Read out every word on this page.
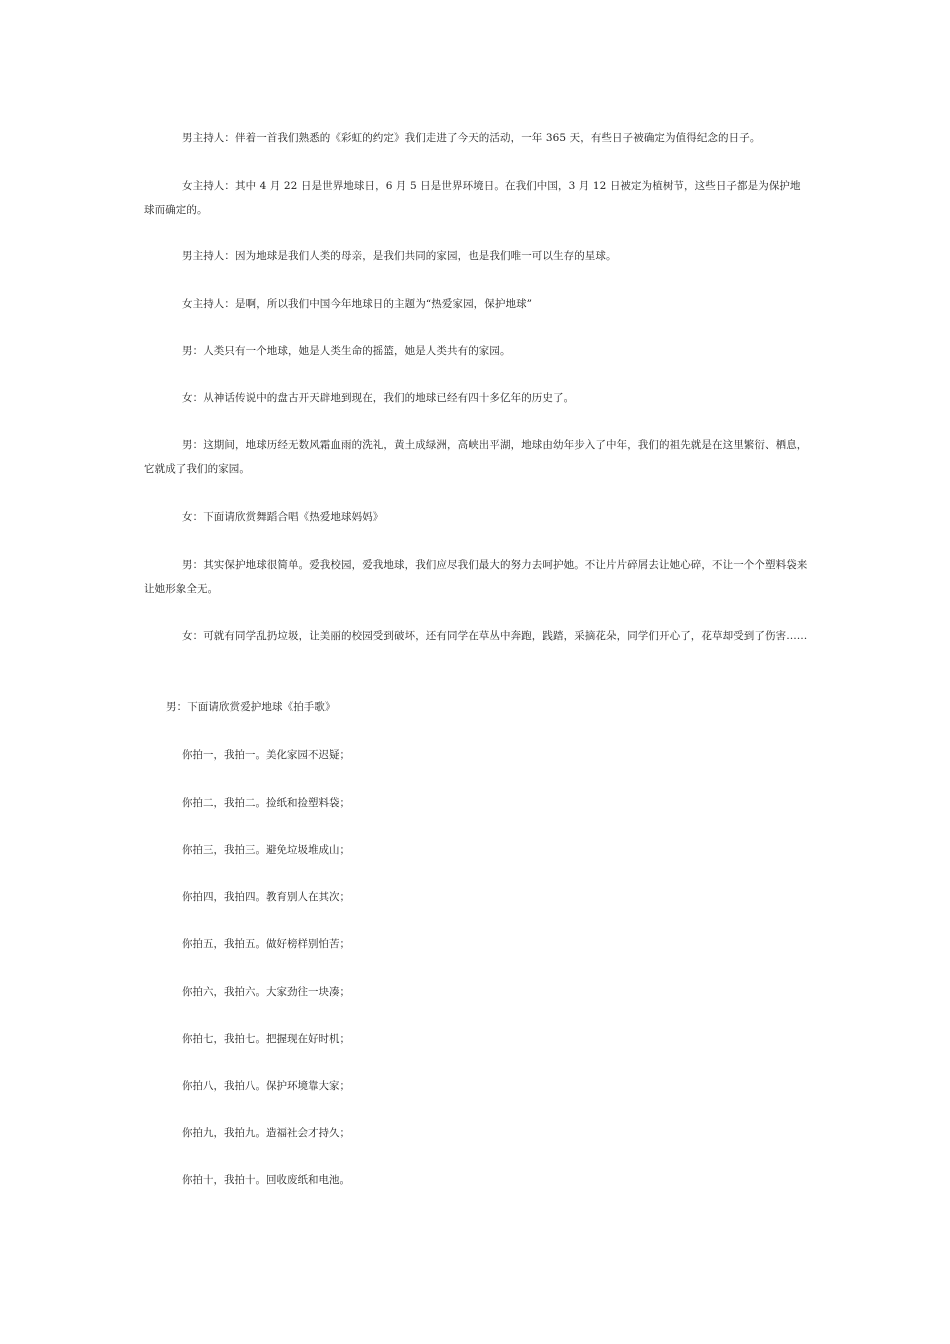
男主持人：伴着一首我们熟悉的《彩虹的约定》我们走进了今天的活动，一年 365 天，有些日子被确定为值得纪念的日子。

女主持人：其中 4 月 22 日是世界地球日，6 月 5 日是世界环境日。在我们中国，3 月 12 日被定为植树节，这些日子都是为保护地球而确定的。

男主持人：因为地球是我们人类的母亲，是我们共同的家园，也是我们唯一可以生存的星球。

女主持人：是啊，所以我们中国今年地球日的主题为“热爱家园，保护地球”

男：人类只有一个地球，她是人类生命的摇篮，她是人类共有的家园。

女：从神话传说中的盘古开天辟地到现在，我们的地球已经有四十多亿年的历史了。

男：这期间，地球历经无数风霜血雨的洗礼，黄土成绿洲，高峡出平湖，地球由幼年步入了中年，我们的祖先就是在这里繁衍、栖息，它就成了我们的家园。

女：下面请欣赏舞蹈合唱《热爱地球妈妈》

男：其实保护地球很简单。爱我校园，爱我地球，我们应尽我们最大的努力去呵护她。不让片片碎屑去让她心碎，不让一个个塑料袋来让她形象全无。

女：可就有同学乱扔垃圾，让美丽的校园受到破坏，还有同学在草丛中奔跑，践踏，采摘花朵，同学们开心了，花草却受到了伤害……

男：下面请欣赏爱护地球《拍手歌》

你拍一，我拍一。美化家园不迟疑；

你拍二，我拍二。捡纸和捡塑料袋；

你拍三，我拍三。避免垃圾堆成山；

你拍四，我拍四。教育别人在其次；

你拍五，我拍五。做好榜样别怕苦；

你拍六，我拍六。大家劲往一块凑；

你拍七，我拍七。把握现在好时机；

你拍八，我拍八。保护环境靠大家；

你拍九，我拍九。造福社会才持久；

你拍十，我拍十。回收废纸和电池。
